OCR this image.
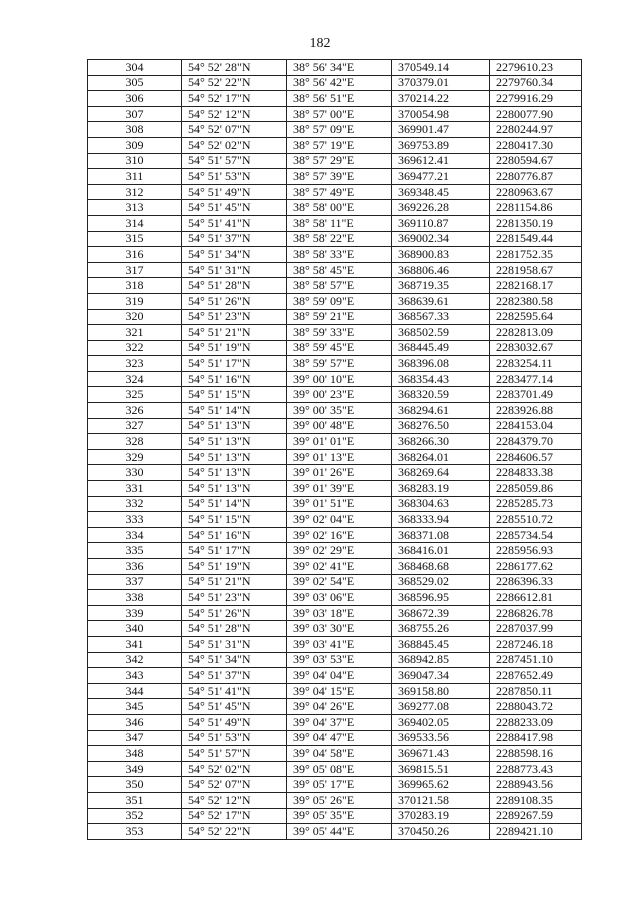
182
304	54° 52' 28"N	38° 56' 34"E	370549.14	2279610.23
305	54° 52' 22"N	38° 56' 42"E	370379.01	2279760.34
306	54° 52' 17"N	38° 56' 51"E	370214.22	2279916.29
307	54° 52' 12"N	38° 57' 00"E	370054.98	2280077.90
308	54° 52' 07"N	38° 57' 09"E	369901.47	2280244.97
309	54° 52' 02"N	38° 57' 19"E	369753.89	2280417.30
310	54° 51' 57"N	38° 57' 29"E	369612.41	2280594.67
311	54° 51' 53"N	38° 57' 39"E	369477.21	2280776.87
312	54° 51' 49"N	38° 57' 49"E	369348.45	2280963.67
313	54° 51' 45"N	38° 58' 00"E	369226.28	2281154.86
314	54° 51' 41"N	38° 58' 11"E	369110.87	2281350.19
315	54° 51' 37"N	38° 58' 22"E	369002.34	2281549.44
316	54° 51' 34"N	38° 58' 33"E	368900.83	2281752.35
317	54° 51' 31"N	38° 58' 45"E	368806.46	2281958.67
318	54° 51' 28"N	38° 58' 57"E	368719.35	2282168.17
319	54° 51' 26"N	38° 59' 09"E	368639.61	2282380.58
320	54° 51' 23"N	38° 59' 21"E	368567.33	2282595.64
321	54° 51' 21"N	38° 59' 33"E	368502.59	2282813.09
322	54° 51' 19"N	38° 59' 45"E	368445.49	2283032.67
323	54° 51' 17"N	38° 59' 57"E	368396.08	2283254.11
324	54° 51' 16"N	39° 00' 10"E	368354.43	2283477.14
325	54° 51' 15"N	39° 00' 23"E	368320.59	2283701.49
326	54° 51' 14"N	39° 00' 35"E	368294.61	2283926.88
327	54° 51' 13"N	39° 00' 48"E	368276.50	2284153.04
328	54° 51' 13"N	39° 01' 01"E	368266.30	2284379.70
329	54° 51' 13"N	39° 01' 13"E	368264.01	2284606.57
330	54° 51' 13"N	39° 01' 26"E	368269.64	2284833.38
331	54° 51' 13"N	39° 01' 39"E	368283.19	2285059.86
332	54° 51' 14"N	39° 01' 51"E	368304.63	2285285.73
333	54° 51' 15"N	39° 02' 04"E	368333.94	2285510.72
334	54° 51' 16"N	39° 02' 16"E	368371.08	2285734.54
335	54° 51' 17"N	39° 02' 29"E	368416.01	2285956.93
336	54° 51' 19"N	39° 02' 41"E	368468.68	2286177.62
337	54° 51' 21"N	39° 02' 54"E	368529.02	2286396.33
338	54° 51' 23"N	39° 03' 06"E	368596.95	2286612.81
339	54° 51' 26"N	39° 03' 18"E	368672.39	2286826.78
340	54° 51' 28"N	39° 03' 30"E	368755.26	2287037.99
341	54° 51' 31"N	39° 03' 41"E	368845.45	2287246.18
342	54° 51' 34"N	39° 03' 53"E	368942.85	2287451.10
343	54° 51' 37"N	39° 04' 04"E	369047.34	2287652.49
344	54° 51' 41"N	39° 04' 15"E	369158.80	2287850.11
345	54° 51' 45"N	39° 04' 26"E	369277.08	2288043.72
346	54° 51' 49"N	39° 04' 37"E	369402.05	2288233.09
347	54° 51' 53"N	39° 04' 47"E	369533.56	2288417.98
348	54° 51' 57"N	39° 04' 58"E	369671.43	2288598.16
349	54° 52' 02"N	39° 05' 08"E	369815.51	2288773.43
350	54° 52' 07"N	39° 05' 17"E	369965.62	2288943.56
351	54° 52' 12"N	39° 05' 26"E	370121.58	2289108.35
352	54° 52' 17"N	39° 05' 35"E	370283.19	2289267.59
353	54° 52' 22"N	39° 05' 44"E	370450.26	2289421.10
